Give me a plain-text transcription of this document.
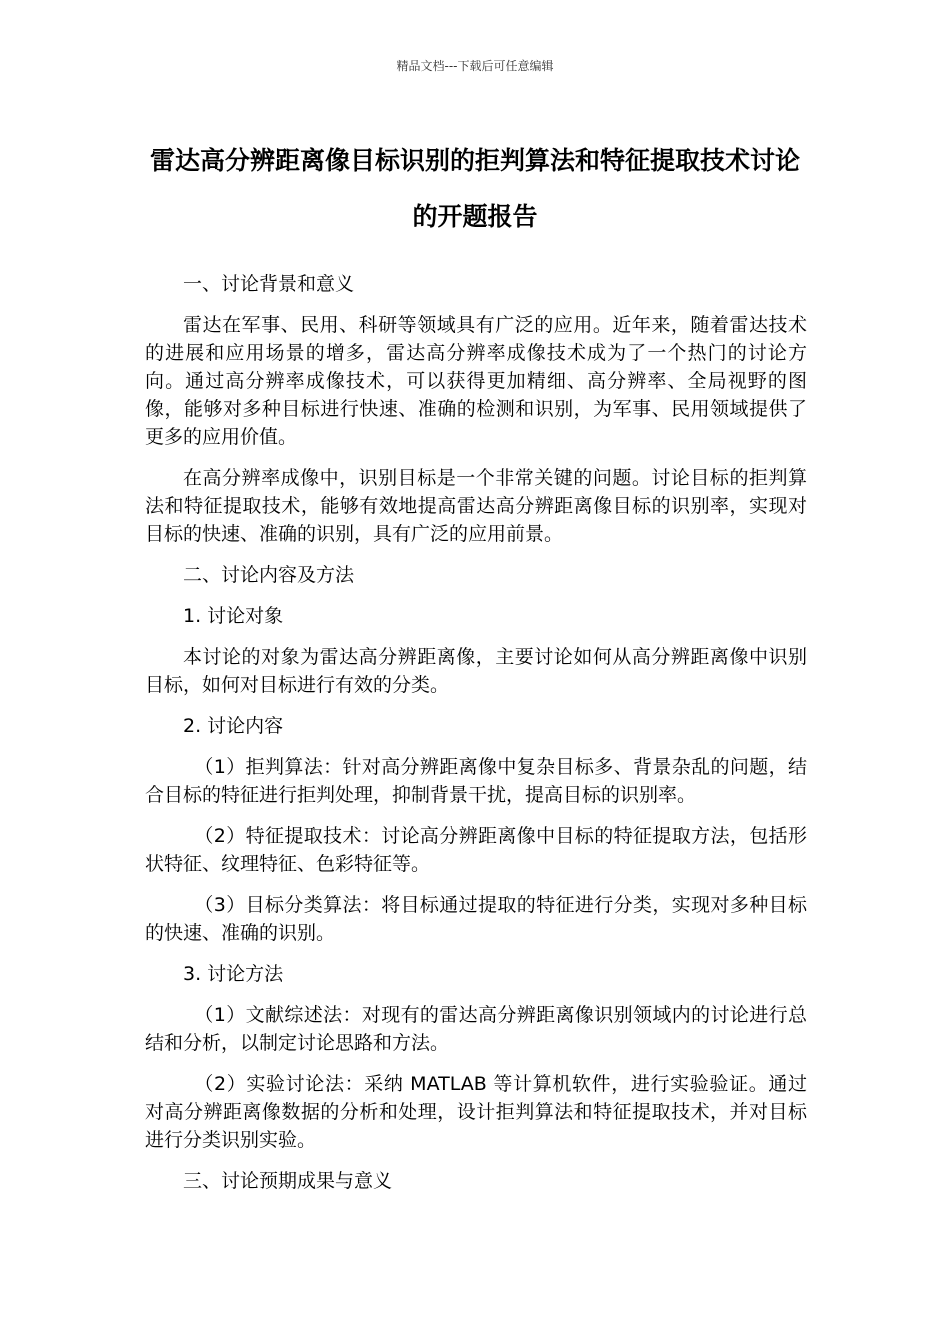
精品文档---下载后可任意编辑
雷达高分辨距离像目标识别的拒判算法和特征提取技术讨论的开题报告

一、讨论背景和意义

雷达在军事、民用、科研等领域具有广泛的应用。近年来，随着雷达技术的进展和应用场景的增多，雷达高分辨率成像技术成为了一个热门的讨论方向。通过高分辨率成像技术，可以获得更加精细、高分辨率、全局视野的图像，能够对多种目标进行快速、准确的检测和识别，为军事、民用领域提供了更多的应用价值。

在高分辨率成像中，识别目标是一个非常关键的问题。讨论目标的拒判算法和特征提取技术，能够有效地提高雷达高分辨距离像目标的识别率，实现对目标的快速、准确的识别，具有广泛的应用前景。

二、讨论内容及方法

1. 讨论对象

本讨论的对象为雷达高分辨距离像，主要讨论如何从高分辨距离像中识别目标，如何对目标进行有效的分类。

2. 讨论内容

（1）拒判算法：针对高分辨距离像中复杂目标多、背景杂乱的问题，结合目标的特征进行拒判处理，抑制背景干扰，提高目标的识别率。

（2）特征提取技术：讨论高分辨距离像中目标的特征提取方法，包括形状特征、纹理特征、色彩特征等。

（3）目标分类算法：将目标通过提取的特征进行分类，实现对多种目标的快速、准确的识别。

3. 讨论方法

（1）文献综述法：对现有的雷达高分辨距离像识别领域内的讨论进行总结和分析，以制定讨论思路和方法。

（2）实验讨论法：采纳 MATLAB 等计算机软件，进行实验验证。通过对高分辨距离像数据的分析和处理，设计拒判算法和特征提取技术，并对目标进行分类识别实验。

三、讨论预期成果与意义
